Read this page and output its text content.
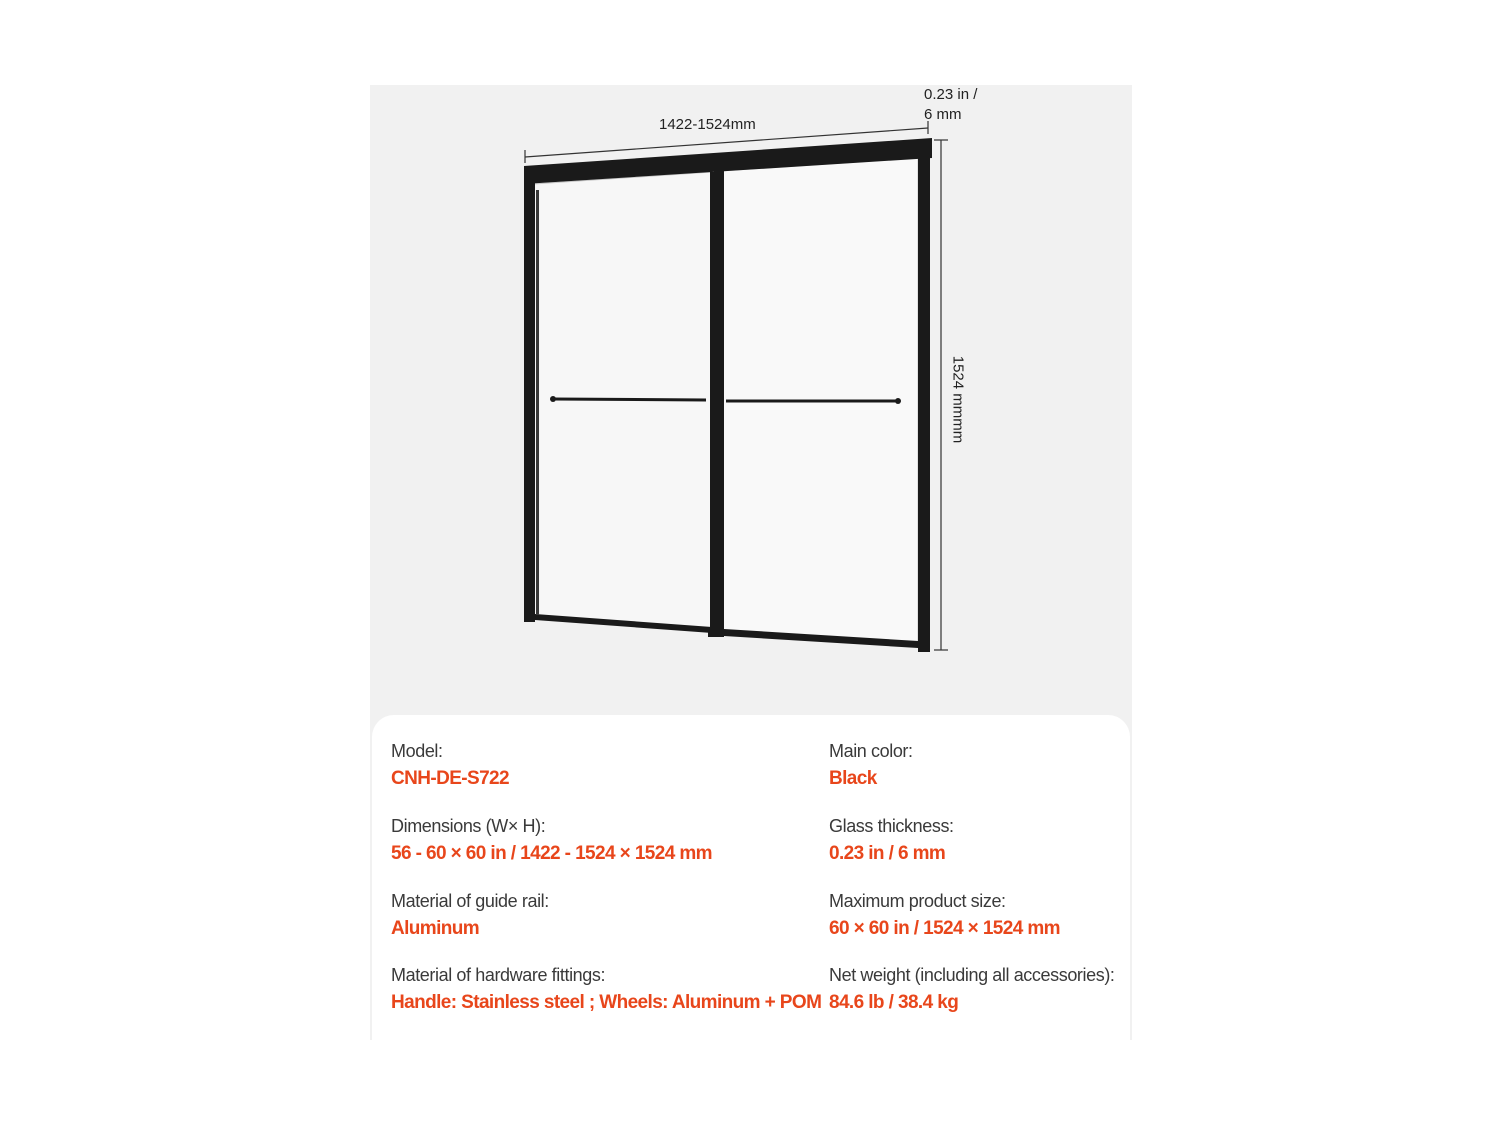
1422-1524mm
0.23 in /
6 mm
1524 mmmm
Model:
CNH-DE-S722
Dimensions (W× H):
56 - 60 × 60 in / 1422 - 1524 × 1524 mm
Material of guide rail:
Aluminum
Material of hardware fittings:
Handle: Stainless steel ; Wheels: Aluminum + POM
Main color:
Black
Glass thickness:
0.23 in / 6 mm
Maximum product size:
60 × 60 in / 1524 × 1524 mm
Net weight (including all accessories):
84.6 lb / 38.4 kg
